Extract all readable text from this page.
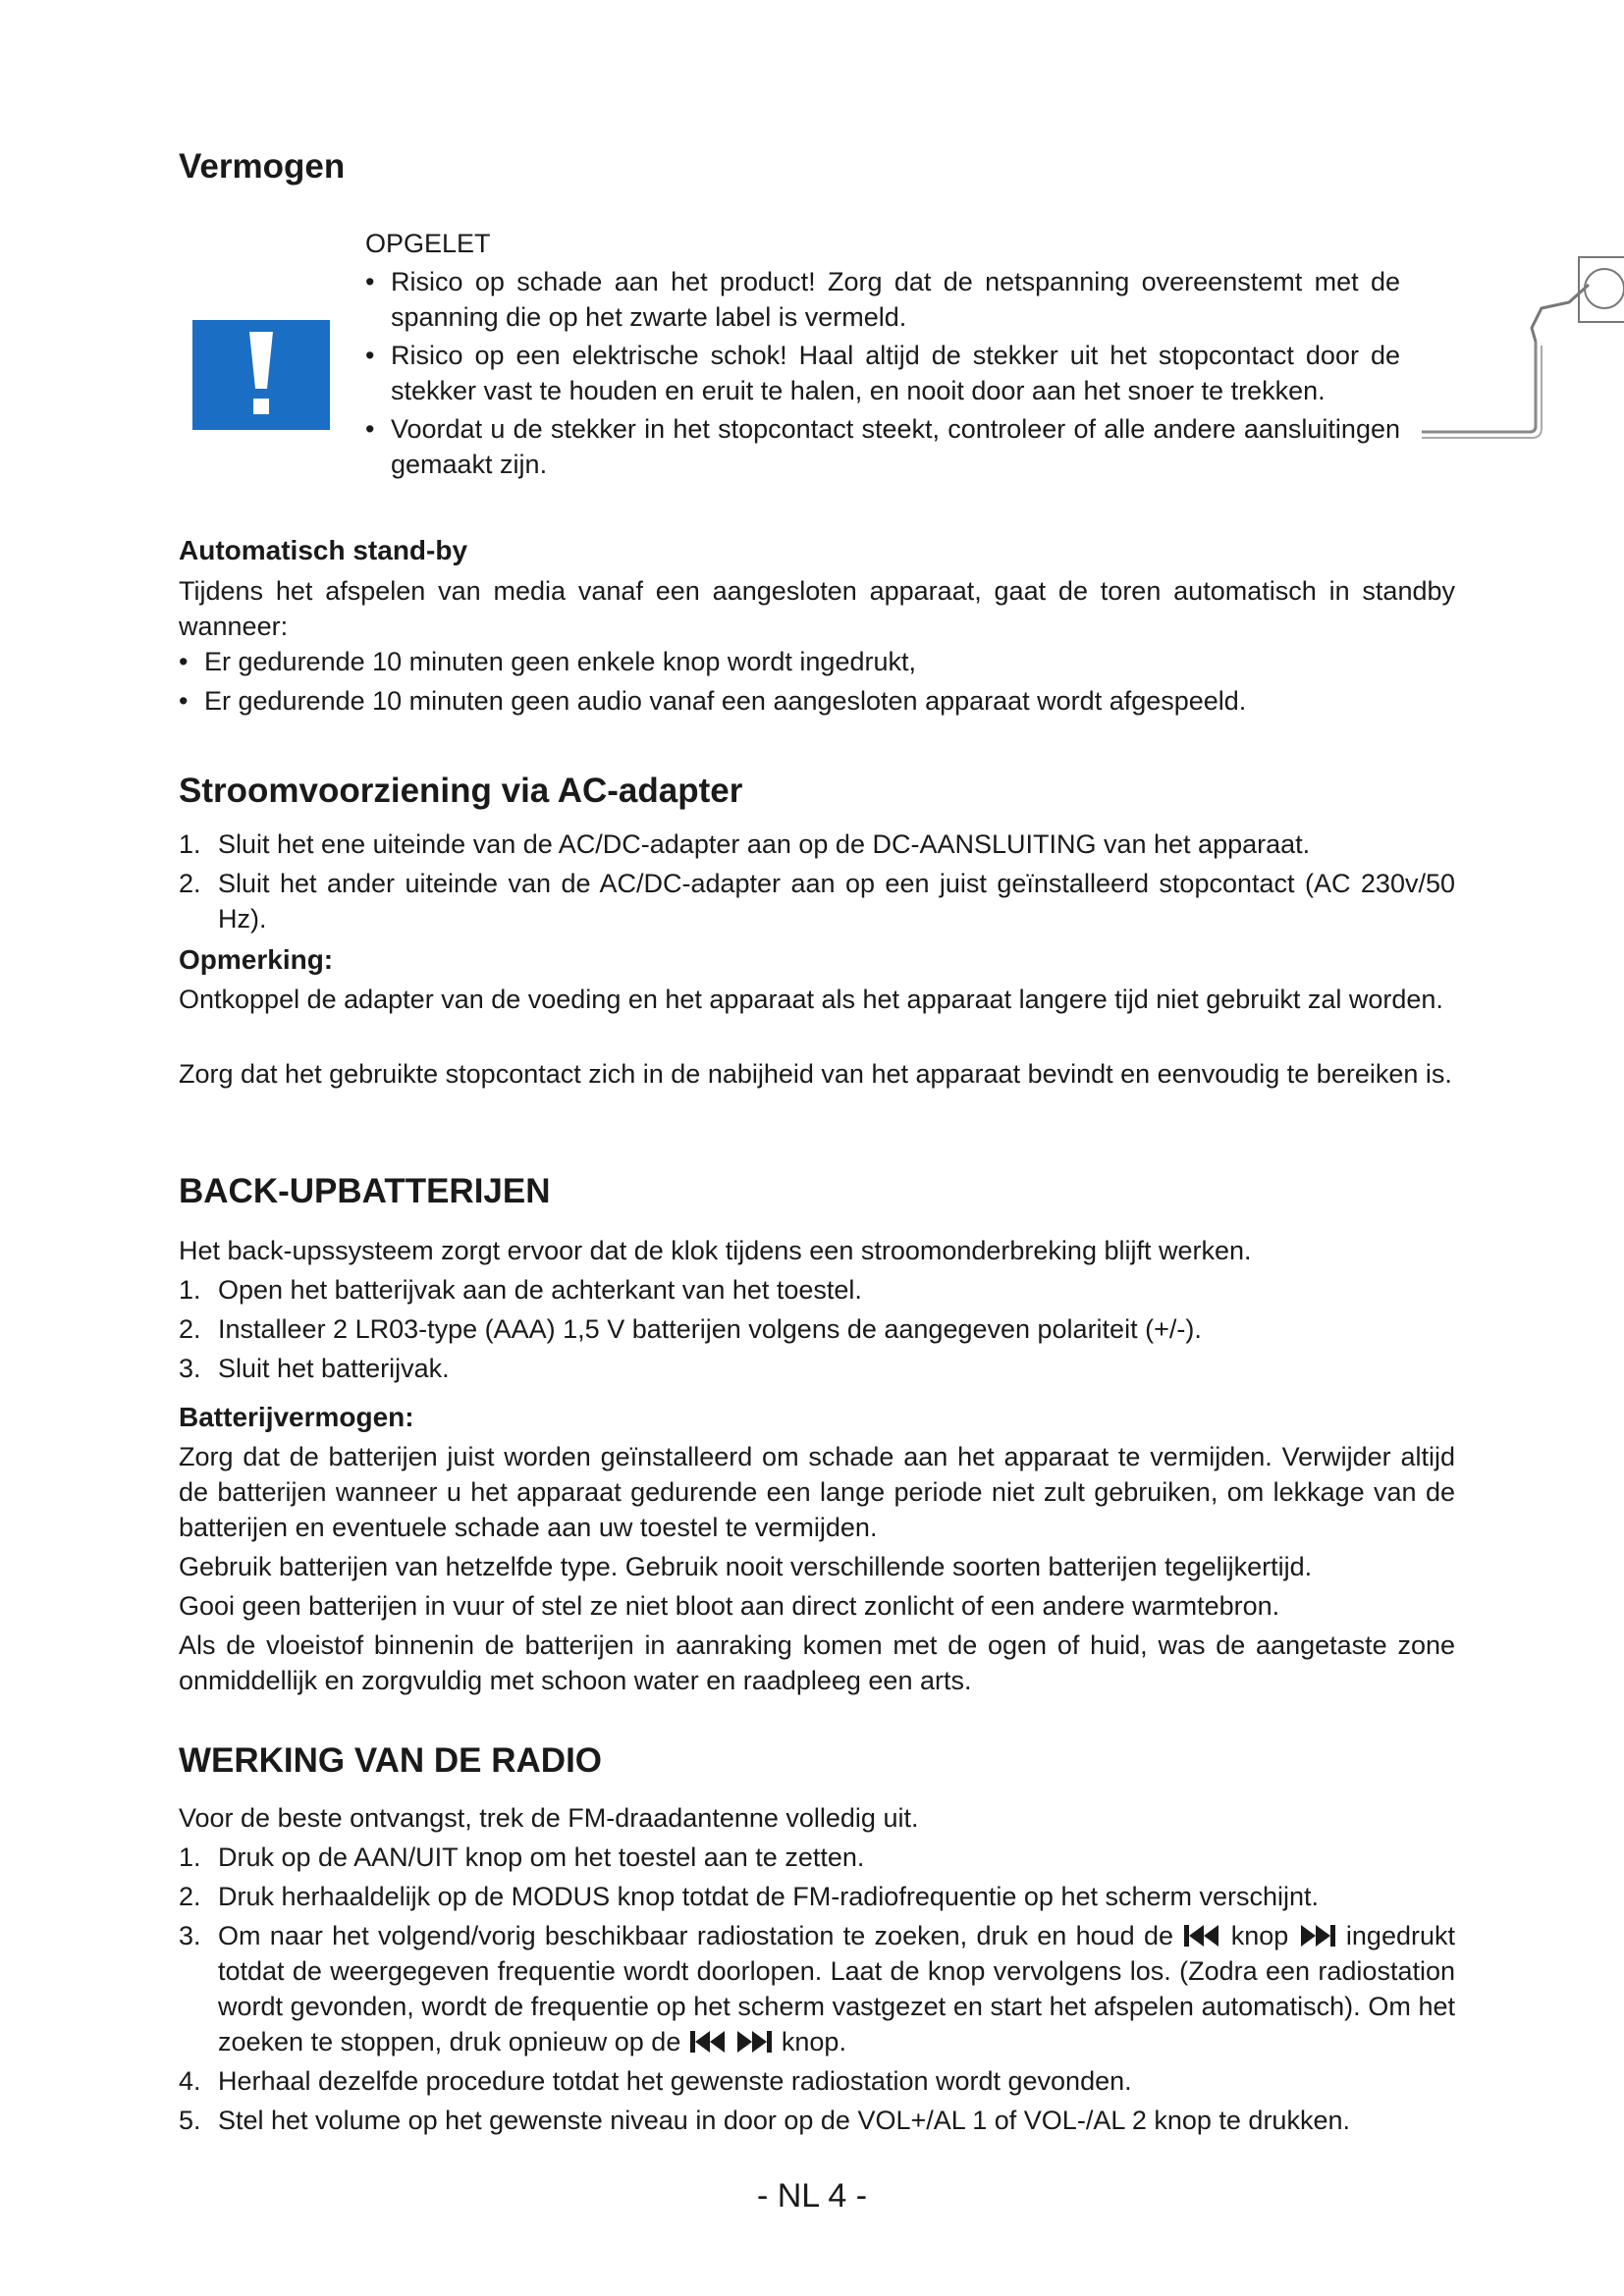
Vermogen
OPGELET
• Risico op schade aan het product! Zorg dat de netspanning overeenstemt met de spanning die op het zwarte label is vermeld.
• Risico op een elektrische schok! Haal altijd de stekker uit het stopcontact door de stekker vast te houden en eruit te halen, en nooit door aan het snoer te trekken.
• Voordat u de stekker in het stopcontact steekt, controleer of alle andere aansluitingen gemaakt zijn.
Automatisch stand-by

Tijdens het afspelen van media vanaf een aangesloten apparaat, gaat de toren automatisch in standby wanneer:

• Er gedurende 10 minuten geen enkele knop wordt ingedrukt,
• Er gedurende 10 minuten geen audio vanaf een aangesloten apparaat wordt afgespeeld.
Stroomvoorziening via AC-adapter
1. Sluit het ene uiteinde van de AC/DC-adapter aan op de DC-AANSLUITING van het apparaat.
2. Sluit het ander uiteinde van de AC/DC-adapter aan op een juist geïnstalleerd stopcontact (AC 230v/50 Hz).
Opmerking:

Ontkoppel de adapter van de voeding en het apparaat als het apparaat langere tijd niet gebruikt zal worden.

Zorg dat het gebruikte stopcontact zich in de nabijheid van het apparaat bevindt en eenvoudig te bereiken is.

BACK-UPBATTERIJEN

Het back-upssysteem zorgt ervoor dat de klok tijdens een stroomonderbreking blijft werken.

1. Open het batterijvak aan de achterkant van het toestel.
2. Installeer 2 LR03-type (AAA) 1,5 V batterijen volgens de aangegeven polariteit (+/-).
3. Sluit het batterijvak.
Batterijvermogen:

Zorg dat de batterijen juist worden geïnstalleerd om schade aan het apparaat te vermijden. Verwijder altijd de batterijen wanneer u het apparaat gedurende een lange periode niet zult gebruiken, om lekkage van de batterijen en eventuele schade aan uw toestel te vermijden.

Gebruik batterijen van hetzelfde type. Gebruik nooit verschillende soorten batterijen tegelijkertijd.

Gooi geen batterijen in vuur of stel ze niet bloot aan direct zonlicht of een andere warmtebron.

Als de vloeistof binnenin de batterijen in aanraking komen met de ogen of huid, was de aangetaste zone onmiddellijk en zorgvuldig met schoon water en raadpleeg een arts.

WERKING VAN DE RADIO

Voor de beste ontvangst, trek de FM-draadantenne volledig uit.

1. Druk op de AAN/UIT knop om het toestel aan te zetten.
2. Druk herhaaldelijk op de MODUS knop totdat de FM-radiofrequentie op het scherm verschijnt.
3. Om naar het volgend/vorig beschikbaar radiostation te zoeken, druk en houd de knop ingedrukt totdat de weergegeven frequentie wordt doorlopen. Laat de knop vervolgens los. (Zodra een radiostation wordt gevonden, wordt de frequentie op het scherm vastgezet en start het afspelen automatisch). Om het zoeken te stoppen, druk opnieuw op de	knop.
4. Herhaal dezelfde procedure totdat het gewenste radiostation wordt gevonden.
5. Stel het volume op het gewenste niveau in door op de VOL+/AL 1 of VOL-/AL 2 knop te drukken.
- NL 4 -
